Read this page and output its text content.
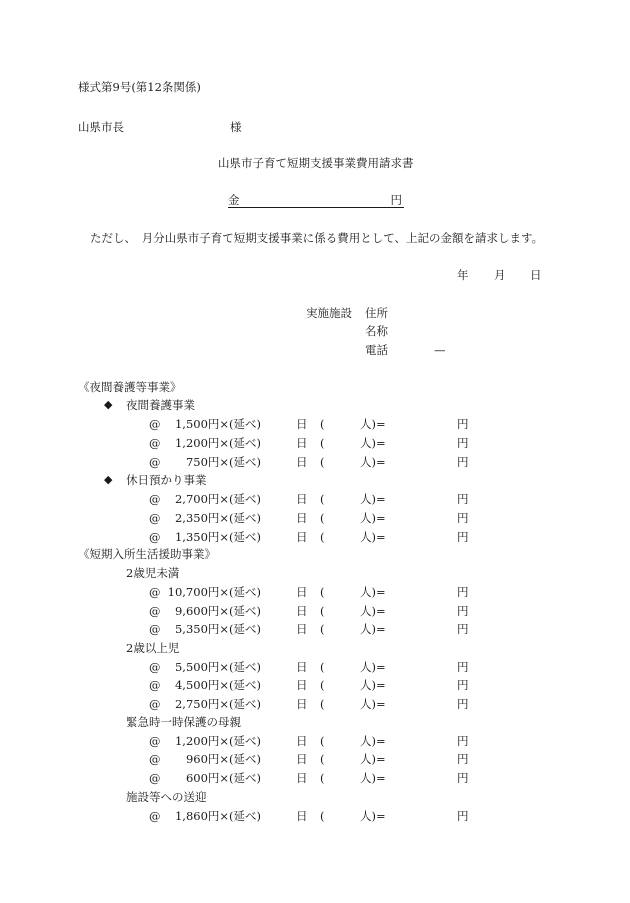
様式第9号(第12条関係)
山県市長	様
山県市子育て短期支援事業費用請求書
金	円
ただし、　月分山県市子育て短期支援事業に係る費用として、上記の金額を請求します。
年 月 日
実施施設 住所
名称
電話	—
《夜間養護等事業》
◆ 夜間養護事業
@ 1,500円×(延べ)	日 (	人)=	円
@ 1,200円×(延べ)	日 (	人)=	円
@ 750円×(延べ)	日 (	人)=	円
◆ 休日預かり事業
@ 2,700円×(延べ)	日 (	人)=	円
@ 2,350円×(延べ)	日 (	人)=	円
@ 1,350円×(延べ)	日 (	人)=	円
《短期入所生活援助事業》
2歳児未満
@ 10,700円×(延べ)	日 (	人)=	円
@ 9,600円×(延べ)	日 (	人)=	円
@ 5,350円×(延べ)	日 (	人)=	円
2歳以上児
@ 5,500円×(延べ)	日 (	人)=	円
@ 4,500円×(延べ)	日 (	人)=	円
@ 2,750円×(延べ)	日 (	人)=	円
緊急時一時保護の母親
@ 1,200円×(延べ)	日 (	人)=	円
@ 960円×(延べ)	日 (	人)=	円
@ 600円×(延べ)	日 (	人)=	円
施設等への送迎
@ 1,860円×(延べ)	日 (	人)=	円
